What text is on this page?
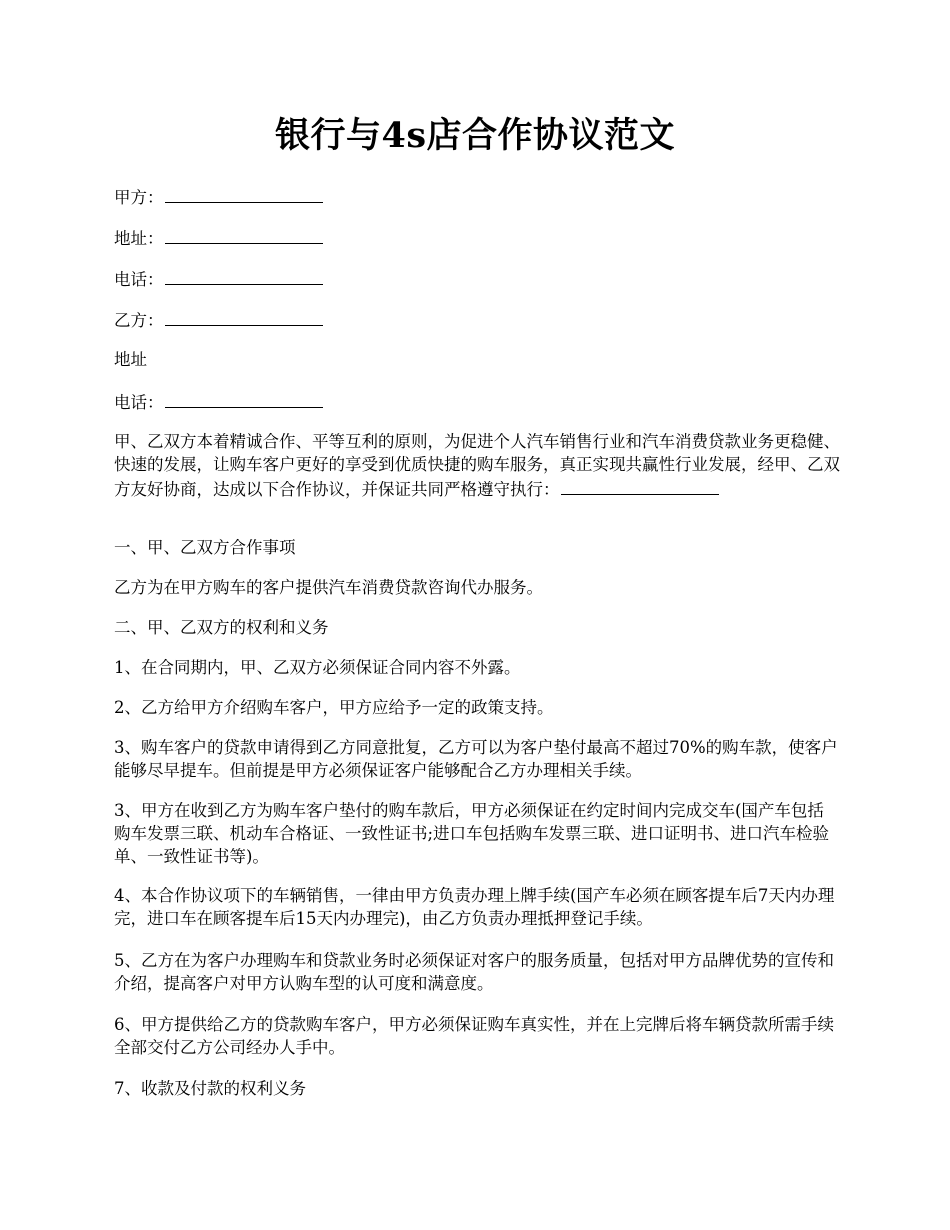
银行与4s店合作协议范文
甲方：
地址：
电话：
乙方：
地址
电话：
甲、乙双方本着精诚合作、平等互利的原则，为促进个人汽车销售行业和汽车消费贷款业务更稳健、快速的发展，让购车客户更好的享受到优质快捷的购车服务，真正实现共赢性行业发展，经甲、乙双方友好协商，达成以下合作协议，并保证共同严格遵守执行：
一、甲、乙双方合作事项
乙方为在甲方购车的客户提供汽车消费贷款咨询代办服务。
二、甲、乙双方的权利和义务
1、在合同期内，甲、乙双方必须保证合同内容不外露。
2、乙方给甲方介绍购车客户，甲方应给予一定的政策支持。
3、购车客户的贷款申请得到乙方同意批复，乙方可以为客户垫付最高不超过70%的购车款，使客户能够尽早提车。但前提是甲方必须保证客户能够配合乙方办理相关手续。
3、甲方在收到乙方为购车客户垫付的购车款后，甲方必须保证在约定时间内完成交车(国产车包括购车发票三联、机动车合格证、一致性证书;进口车包括购车发票三联、进口证明书、进口汽车检验单、一致性证书等)。
4、本合作协议项下的车辆销售，一律由甲方负责办理上牌手续(国产车必须在顾客提车后7天内办理完，进口车在顾客提车后15天内办理完)，由乙方负责办理抵押登记手续。
5、乙方在为客户办理购车和贷款业务时必须保证对客户的服务质量，包括对甲方品牌优势的宣传和介绍，提高客户对甲方认购车型的认可度和满意度。
6、甲方提供给乙方的贷款购车客户，甲方必须保证购车真实性，并在上完牌后将车辆贷款所需手续全部交付乙方公司经办人手中。
7、收款及付款的权利义务
